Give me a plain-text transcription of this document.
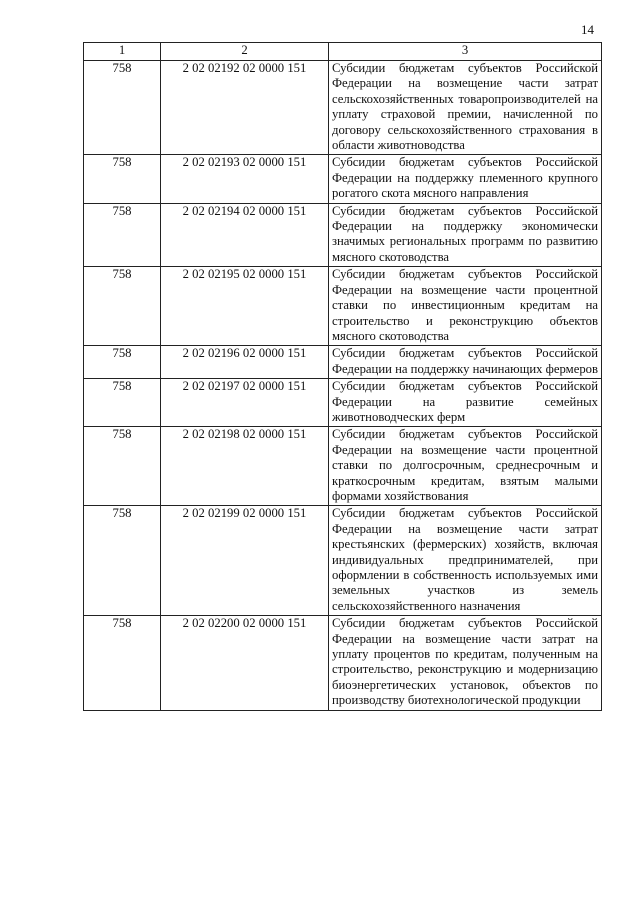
14
1	2	3
758	2 02 02192 02 0000 151	Субсидии бюджетам субъектов Российской Федерации на возмещение части затрат сельскохозяйственных товаропроизводителей на уплату страховой премии, начисленной по договору сельскохозяйственного страхования в области животноводства
758	2 02 02193 02 0000 151	Субсидии бюджетам субъектов Российской Федерации на поддержку племенного крупного рогатого скота мясного направления
758	2 02 02194 02 0000 151	Субсидии бюджетам субъектов Российской Федерации на поддержку экономически значимых региональных программ по развитию мясного скотоводства
758	2 02 02195 02 0000 151	Субсидии бюджетам субъектов Российской Федерации на возмещение части процентной ставки по инвестиционным кредитам на строительство и реконструкцию объектов мясного скотоводства
758	2 02 02196 02 0000 151	Субсидии бюджетам субъектов Российской Федерации на поддержку начинающих фермеров
758	2 02 02197 02 0000 151	Субсидии бюджетам субъектов Российской Федерации на развитие семейных животноводческих ферм
758	2 02 02198 02 0000 151	Субсидии бюджетам субъектов Российской Федерации на возмещение части процентной ставки по долгосрочным, среднесрочным и краткосрочным кредитам, взятым малыми формами хозяйствования
758	2 02 02199 02 0000 151	Субсидии бюджетам субъектов Российской Федерации на возмещение части затрат крестьянских (фермерских) хозяйств, включая индивидуальных предпринимателей, при оформлении в собственность используемых ими земельных участков из земель сельскохозяйственного назначения
758	2 02 02200 02 0000 151	Субсидии бюджетам субъектов Российской Федерации на возмещение части затрат на уплату процентов по кредитам, полученным на строительство, реконструкцию и модернизацию биоэнергетических установок, объектов по производству биотехнологической продукции
